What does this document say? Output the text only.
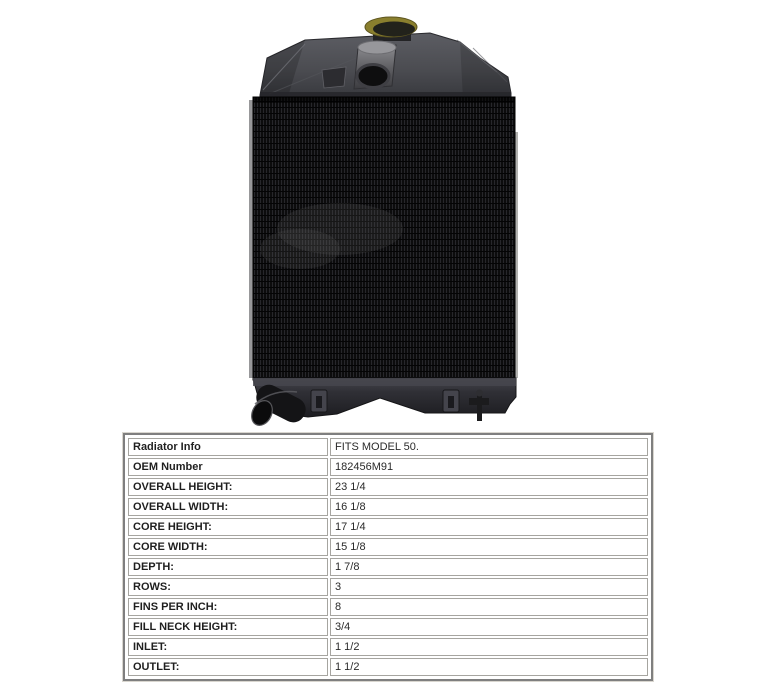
Radiator Info	FITS MODEL 50.
OEM Number	182456M91
OVERALL HEIGHT:	23 1/4
OVERALL WIDTH:	16 1/8
CORE HEIGHT:	17 1/4
CORE WIDTH:	15 1/8
DEPTH:	1 7/8
ROWS:	3
FINS PER INCH:	8
FILL NECK HEIGHT:	3/4
INLET:	1 1/2
OUTLET:	1 1/2
